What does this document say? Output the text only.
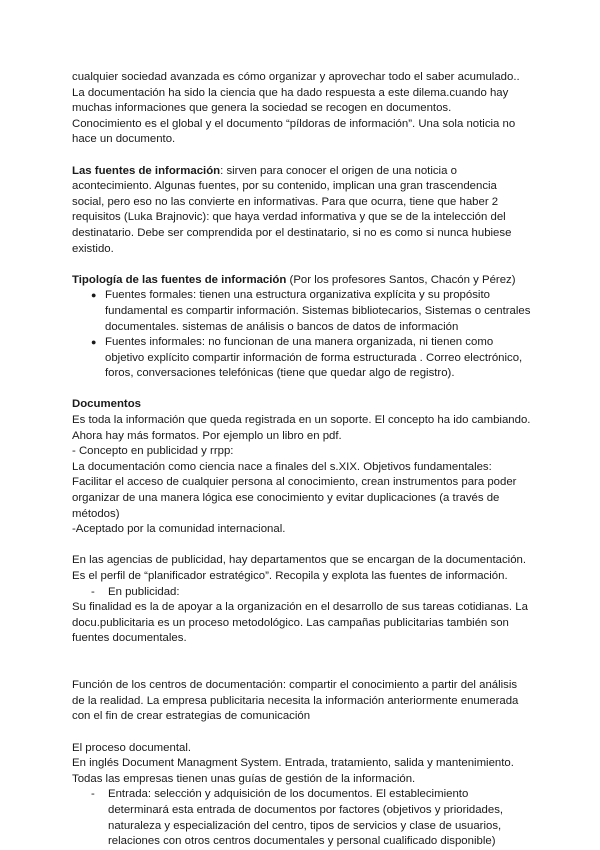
cualquier sociedad avanzada es cómo organizar y aprovechar todo el saber acumulado.. La documentación ha sido la ciencia que ha dado respuesta a este dilema.cuando hay muchas informaciones que genera la sociedad se recogen en documentos.

Conocimiento es el global y el documento “píldoras de información”. Una sola noticia no hace un documento.

Las fuentes de información: sirven para conocer el origen de una noticia o acontecimiento. Algunas fuentes, por su contenido, implican una gran trascendencia social, pero eso no las convierte en informativas. Para que ocurra, tiene que haber 2 requisitos (Luka Brajnovic): que haya verdad informativa y que se de la intelección del destinatario. Debe ser comprendida por el destinatario, si no es como si nunca hubiese existido.

Tipología de las fuentes de información (Por los profesores Santos, Chacón y Pérez)

● Fuentes formales: tienen una estructura organizativa explícita y su propósito fundamental es compartir información. Sistemas bibliotecarios, Sistemas o centrales documentales. sistemas de análisis o bancos de datos de información
● Fuentes informales: no funcionan de una manera organizada, ni tienen como objetivo explícito compartir información de forma estructurada . Correo electrónico, foros, conversaciones telefónicas (tiene que quedar algo de registro).

Documentos

Es toda la información que queda registrada en un soporte. El concepto ha ido cambiando. Ahora hay más formatos. Por ejemplo un libro en pdf.

- Concepto en publicidad y rrpp:

La documentación como ciencia nace a finales del s.XIX. Objetivos fundamentales: Facilitar el acceso de cualquier persona al conocimiento, crean instrumentos para poder organizar de una manera lógica ese conocimiento y evitar duplicaciones (a través de métodos)

-Aceptado por la comunidad internacional.

En las agencias de publicidad, hay departamentos que se encargan de la documentación. Es el perfil de “planificador estratégico”. Recopila y explota las fuentes de información.

- En publicidad:

Su finalidad es la de apoyar a la organización en el desarrollo de sus tareas cotidianas. La docu.publicitaria es un proceso metodológico. Las campañas publicitarias también son fuentes documentales.

Función de los centros de documentación: compartir el conocimiento a partir del análisis de la realidad. La empresa publicitaria necesita la información anteriormente enumerada con el fin de crear estrategias de comunicación

El proceso documental.

En inglés Document Managment System. Entrada, tratamiento, salida y mantenimiento.

Todas las empresas tienen unas guías de gestión de la información.

- Entrada: selección y adquisición de los documentos. El establecimiento determinará esta entrada de documentos por factores (objetivos y prioridades, naturaleza y especialización del centro, tipos de servicios y clase de usuarios, relaciones con otros centros documentales y personal cualificado disponible)
